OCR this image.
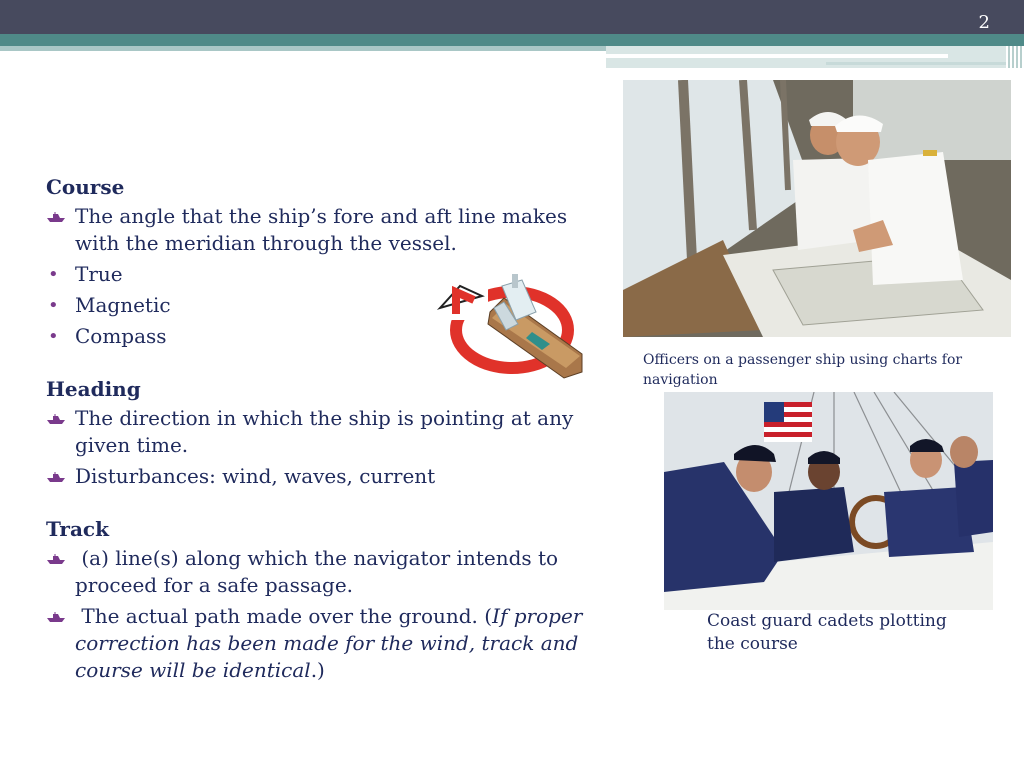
2
Course
The angle that the ship’s fore and aft line makes with the meridian through the vessel.
• True
• Magnetic
• Compass
Heading
The direction in which the ship is pointing at any given time.
Disturbances: wind, waves, current
Track
(a) line(s) along which the navigator intends to proceed for a safe passage.
The actual path made over the ground. (If proper correction has been made for the wind, track and course will be identical.)
Officers on a passenger ship using charts for navigation
Coast guard cadets plotting the course
